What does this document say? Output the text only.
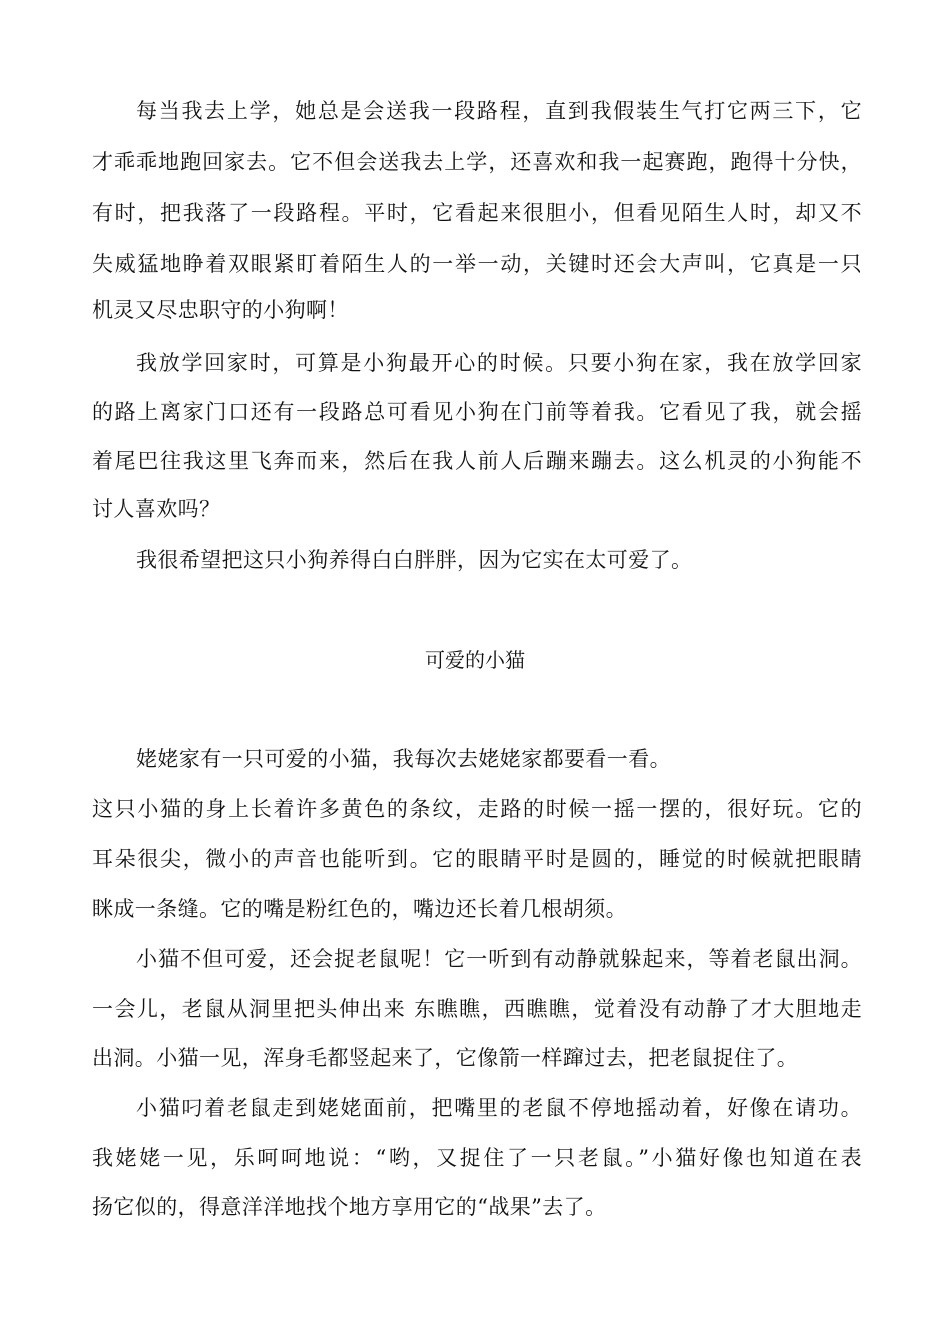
每当我去上学，她总是会送我一段路程，直到我假装生气打它两三下，它
才乖乖地跑回家去。它不但会送我去上学，还喜欢和我一起赛跑，跑得十分快，
有时，把我落了一段路程。平时，它看起来很胆小，但看见陌生人时，却又不
失威猛地睁着双眼紧盯着陌生人的一举一动，关键时还会大声叫，它真是一只
机灵又尽忠职守的小狗啊！
我放学回家时，可算是小狗最开心的时候。只要小狗在家，我在放学回家
的路上离家门口还有一段路总可看见小狗在门前等着我。它看见了我，就会摇
着尾巴往我这里飞奔而来，然后在我人前人后蹦来蹦去。这么机灵的小狗能不
讨人喜欢吗？
我很希望把这只小狗养得白白胖胖，因为它实在太可爱了。
可爱的小猫
姥姥家有一只可爱的小猫，我每次去姥姥家都要看一看。
这只小猫的身上长着许多黄色的条纹，走路的时候一摇一摆的，很好玩。它的
耳朵很尖，微小的声音也能听到。它的眼睛平时是圆的，睡觉的时候就把眼睛
眯成一条缝。它的嘴是粉红色的，嘴边还长着几根胡须。
小猫不但可爱，还会捉老鼠呢！它一听到有动静就躲起来，等着老鼠出洞。
一会儿，老鼠从洞里把头伸出来 东瞧瞧，西瞧瞧，觉着没有动静了才大胆地走
出洞。小猫一见，浑身毛都竖起来了，它像箭一样蹿过去，把老鼠捉住了。
小猫叼着老鼠走到姥姥面前，把嘴里的老鼠不停地摇动着，好像在请功。
我姥姥一见，乐呵呵地说：“哟，又捉住了一只老鼠。”小猫好像也知道在表
扬它似的，得意洋洋地找个地方享用它的“战果”去了。
